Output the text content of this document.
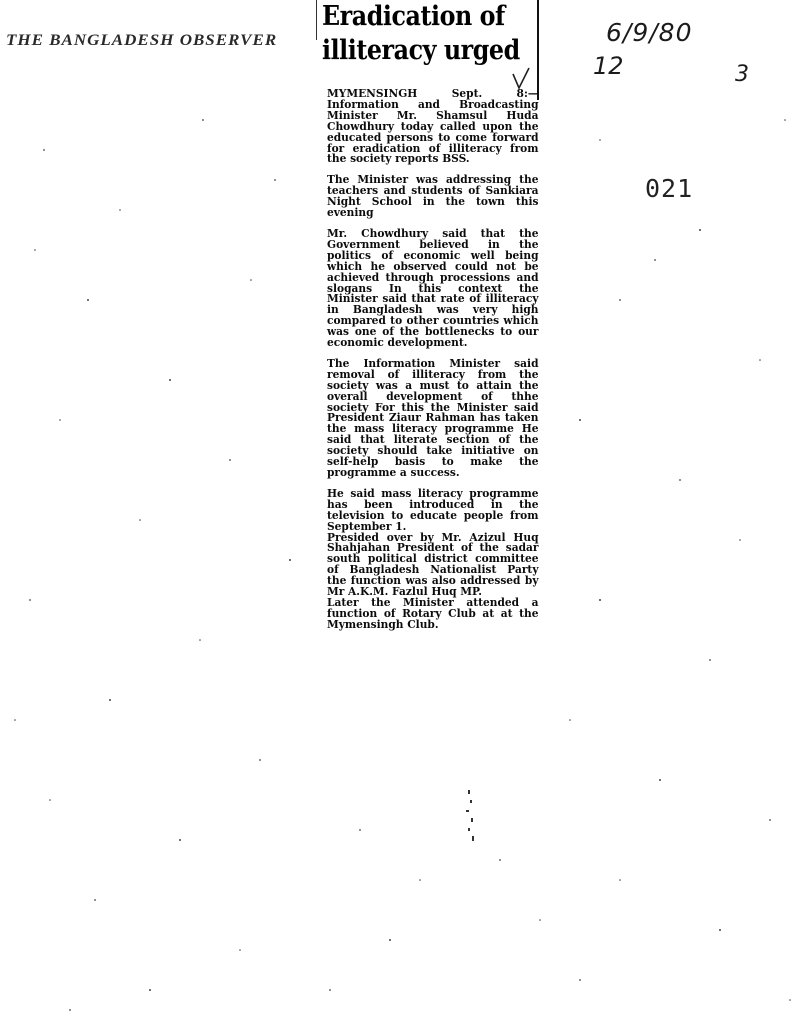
THE BANGLADESH OBSERVER
Eradication of
illiteracy urged
6/9/80
12	3
021

MYMENSINGH Sept. 8:— Information and Broadcasting Minister Mr. Shamsul Huda Chowdhury today called upon the educated persons to come forward for eradication of illiteracy from the society reports BSS.

The Minister was addressing the teachers and students of Sankiara Night School in the town this evening

Mr. Chowdhury said that the Government believed in the politics of economic well being which he observed could not be achieved through processions and slogans In this context the Minister said that rate of illiteracy in Bangladesh was very high compared to other countries which was one of the bottlenecks to our economic development.

The Information Minister said removal of illiteracy from the society was a must to attain the overall development of thhe society For this the Minister said President Ziaur Rahman has taken the mass literacy programme He said that literate section of the society should take initiative on self-help basis to make the programme a success.

He said mass literacy programme has been introduced in the television to educate people from September 1.

Presided over by Mr. Azizul Huq Shahjahan President of the sadar south political district committee of Bangladesh Nationalist Party the function was also addressed by Mr A.K.M. Fazlul Huq MP.

Later the Minister attended a function of Rotary Club at at the Mymensingh Club.
